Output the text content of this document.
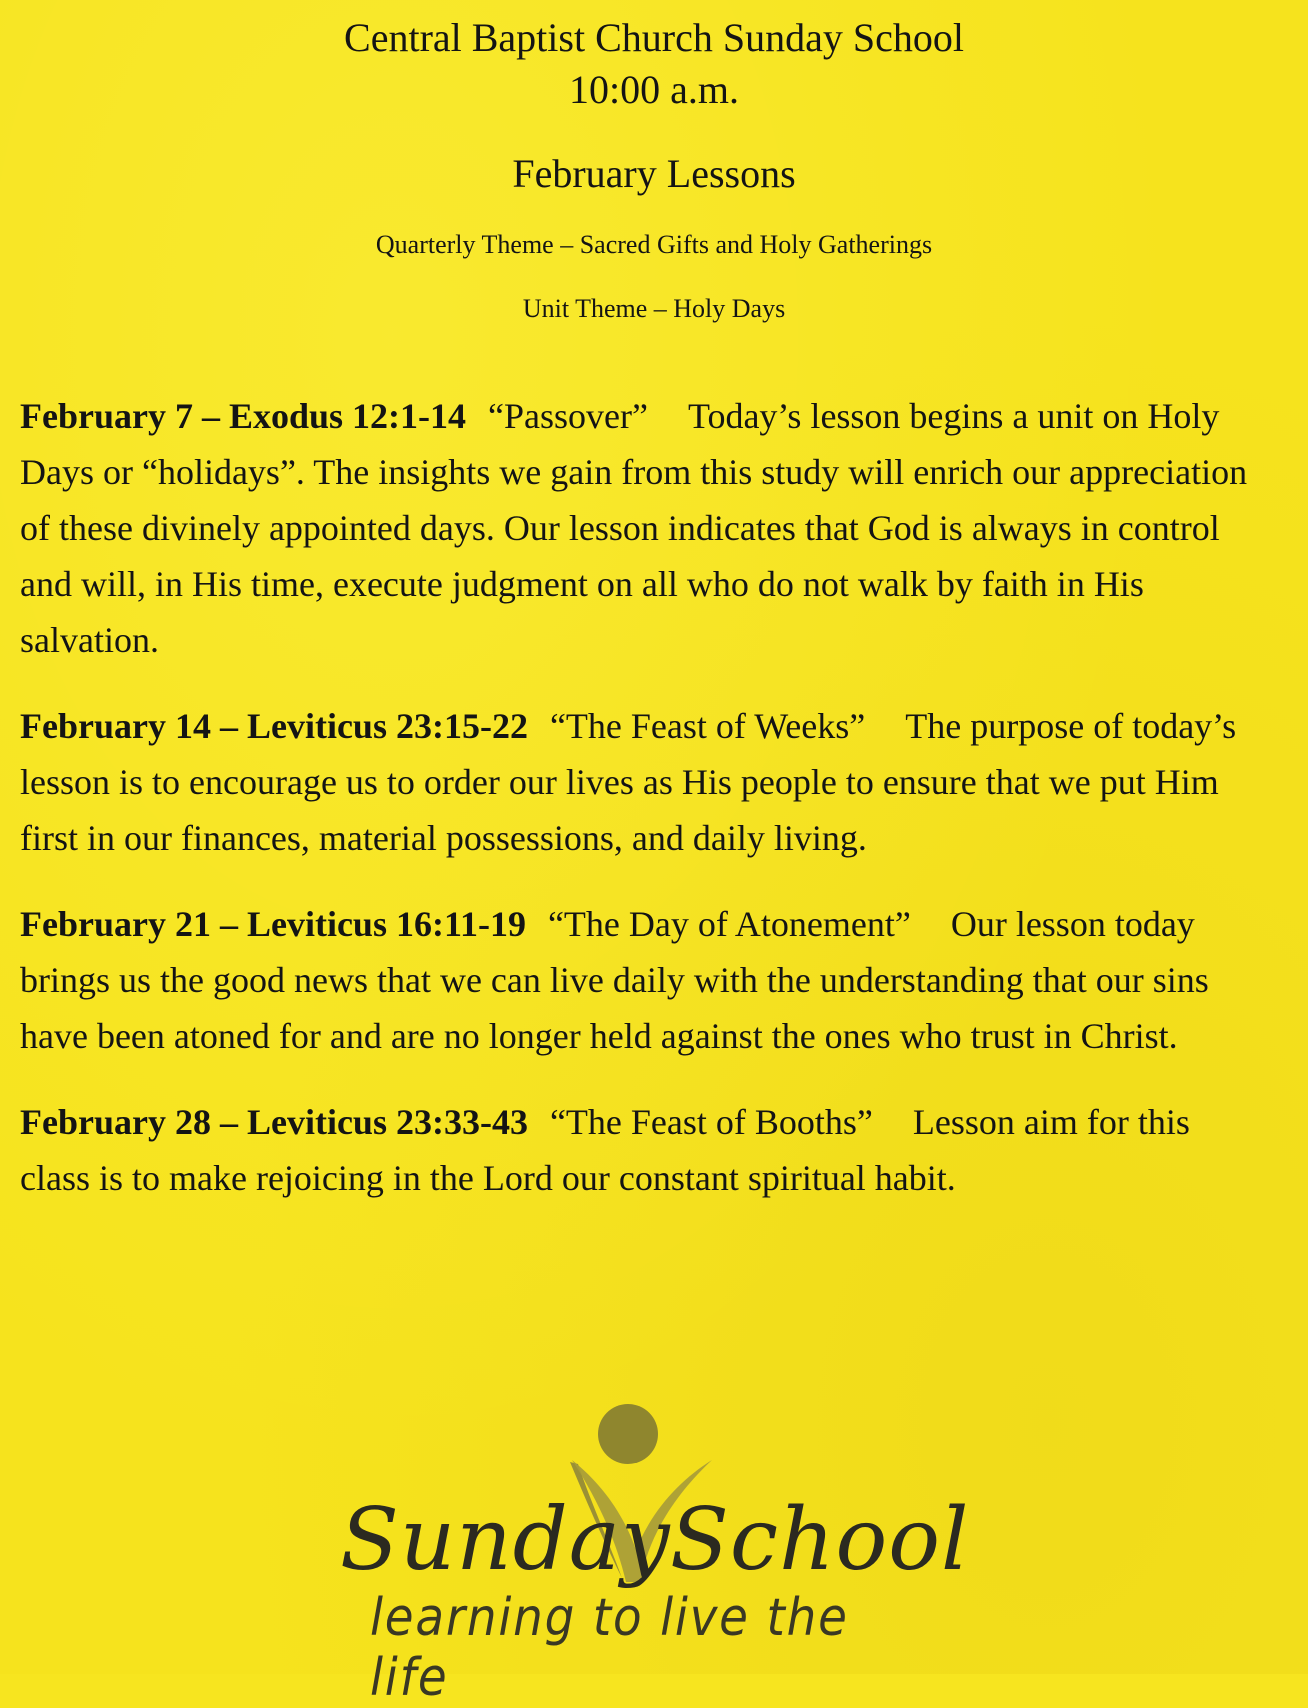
Central Baptist Church Sunday School
10:00 a.m.
February Lessons
Quarterly Theme – Sacred Gifts and Holy Gatherings
Unit Theme – Holy Days

February 7 – Exodus 12:1-14 “Passover” Today’s lesson begins a unit on Holy Days or “holidays”. The insights we gain from this study will enrich our appreciation of these divinely appointed days. Our lesson indicates that God is always in control and will, in His time, execute judgment on all who do not walk by faith in His salvation.

February 14 – Leviticus 23:15-22 “The Feast of Weeks” The purpose of today’s lesson is to encourage us to order our lives as His people to ensure that we put Him first in our finances, material possessions, and daily living.

February 21 – Leviticus 16:11-19 “The Day of Atonement” Our lesson today brings us the good news that we can live daily with the understanding that our sins have been atoned for and are no longer held against the ones who trust in Christ.

February 28 – Leviticus 23:33-43 “The Feast of Booths” Lesson aim for this class is to make rejoicing in the Lord our constant spiritual habit.

Sunday School
learning to live the life
